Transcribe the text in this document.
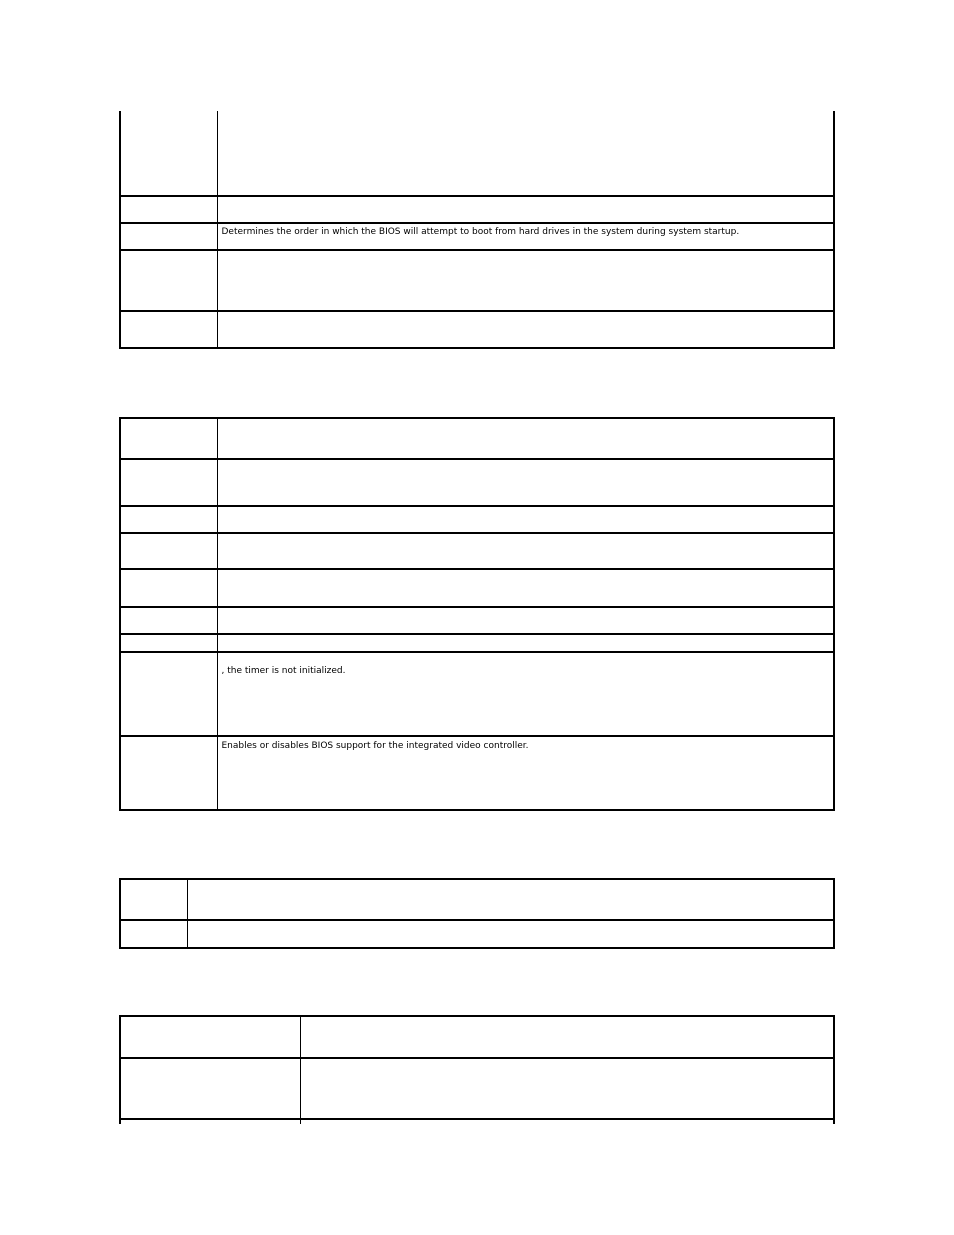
	Determines the order in which the BIOS will attempt to boot from hard drives in the system during system startup.

	, the timer is not initialized.
	Enables or disables BIOS support for the integrated video controller.
